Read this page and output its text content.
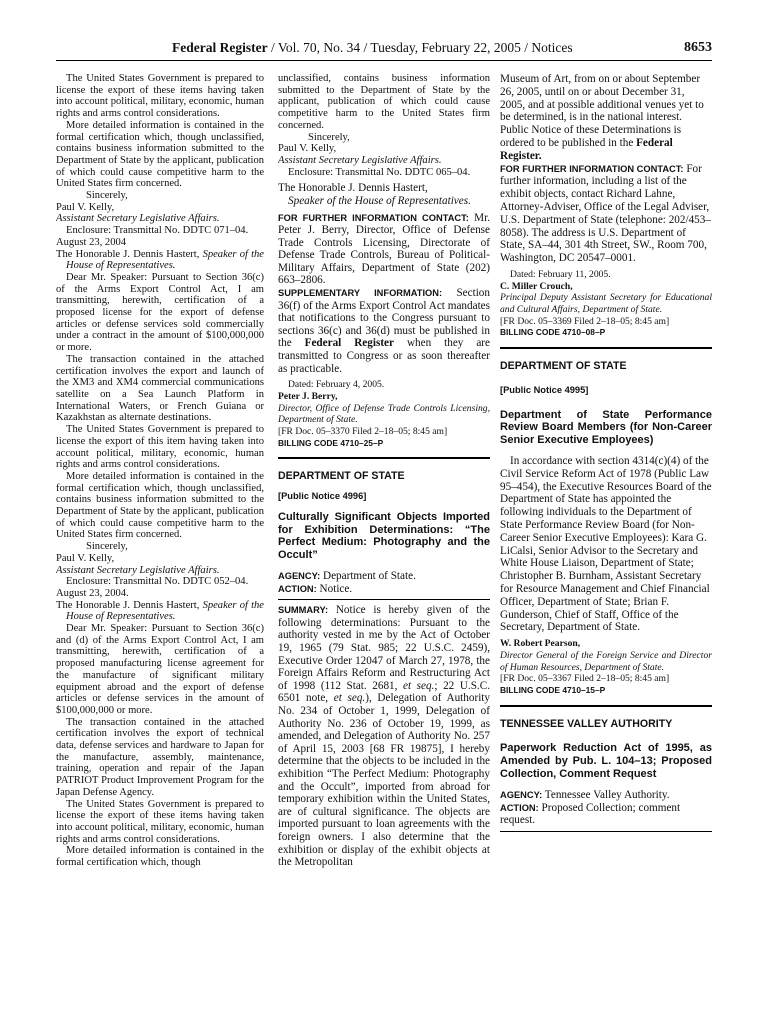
Federal Register / Vol. 70, No. 34 / Tuesday, February 22, 2005 / Notices	8653

The United States Government is prepared to license the export of these items having taken into account political, military, economic, human rights and arms control considerations.

More detailed information is contained in the formal certification which, though unclassified, contains business information submitted to the Department of State by the applicant, publication of which could cause competitive harm to the United States firm concerned.

Sincerely,

Paul V. Kelly,

Assistant Secretary Legislative Affairs.

Enclosure: Transmittal No. DDTC 071–04.

August 23, 2004

The Honorable J. Dennis Hastert, Speaker of the House of Representatives.

Dear Mr. Speaker: Pursuant to Section 36(c) of the Arms Export Control Act, I am transmitting, herewith, certification of a proposed license for the export of defense articles or defense services sold commercially under a contract in the amount of $100,000,000 or more.

The transaction contained in the attached certification involves the export and launch of the XM3 and XM4 commercial communications satellite on a Sea Launch Platform in International Waters, or French Guiana or Kazakhstan as alternate destinations.

The United States Government is prepared to license the export of this item having taken into account political, military, economic, human rights and arms control considerations.

More detailed information is contained in the formal certification which, though unclassified, contains business information submitted to the Department of State by the applicant, publication of which could cause competitive harm to the United States firm concerned.

Sincerely,

Paul V. Kelly,

Assistant Secretary Legislative Affairs.

Enclosure: Transmittal No. DDTC 052–04.

August 23, 2004.

The Honorable J. Dennis Hastert, Speaker of the House of Representatives.

Dear Mr. Speaker: Pursuant to Section 36(c) and (d) of the Arms Export Control Act, I am transmitting, herewith, certification of a proposed manufacturing license agreement for the manufacture of significant military equipment abroad and the export of defense articles or defense services in the amount of $100,000,000 or more.

The transaction contained in the attached certification involves the export of technical data, defense services and hardware to Japan for the manufacture, assembly, maintenance, training, operation and repair of the Japan PATRIOT Product Improvement Program for the Japan Defense Agency.

The United States Government is prepared to license the export of these items having taken into account political, military, economic, human rights and arms control considerations.

More detailed information is contained in the formal certification which, though

unclassified, contains business information submitted to the Department of State by the applicant, publication of which could cause competitive harm to the United States firm concerned.

Sincerely,

Paul V. Kelly,

Assistant Secretary Legislative Affairs.

Enclosure: Transmittal No. DDTC 065–04.

The Honorable J. Dennis Hastert,

Speaker of the House of Representatives.

FOR FURTHER INFORMATION CONTACT: Mr. Peter J. Berry, Director, Office of Defense Trade Controls Licensing, Directorate of Defense Trade Controls, Bureau of Political-Military Affairs, Department of State (202) 663–2806.

SUPPLEMENTARY INFORMATION: Section 36(f) of the Arms Export Control Act mandates that notifications to the Congress pursuant to sections 36(c) and 36(d) must be published in the Federal Register when they are transmitted to Congress or as soon thereafter as practicable.

Dated: February 4, 2005.

Peter J. Berry,

Director, Office of Defense Trade Controls Licensing, Department of State.

[FR Doc. 05–3370 Filed 2–18–05; 8:45 am]

BILLING CODE 4710–25–P

DEPARTMENT OF STATE

[Public Notice 4996]

Culturally Significant Objects Imported for Exhibition Determinations: “The Perfect Medium: Photography and the Occult”

AGENCY: Department of State.

ACTION: Notice.

SUMMARY: Notice is hereby given of the following determinations: Pursuant to the authority vested in me by the Act of October 19, 1965 (79 Stat. 985; 22 U.S.C. 2459), Executive Order 12047 of March 27, 1978, the Foreign Affairs Reform and Restructuring Act of 1998 (112 Stat. 2681, et seq.; 22 U.S.C. 6501 note, et seq.), Delegation of Authority No. 234 of October 1, 1999, Delegation of Authority No. 236 of October 19, 1999, as amended, and Delegation of Authority No. 257 of April 15, 2003 [68 FR 19875], I hereby determine that the objects to be included in the exhibition “The Perfect Medium: Photography and the Occult”, imported from abroad for temporary exhibition within the United States, are of cultural significance. The objects are imported pursuant to loan agreements with the foreign owners. I also determine that the exhibition or display of the exhibit objects at the Metropolitan

Museum of Art, from on or about September 26, 2005, until on or about December 31, 2005, and at possible additional venues yet to be determined, is in the national interest. Public Notice of these Determinations is ordered to be published in the Federal Register.

FOR FURTHER INFORMATION CONTACT: For further information, including a list of the exhibit objects, contact Richard Lahne, Attorney-Adviser, Office of the Legal Adviser, U.S. Department of State (telephone: 202/453–8058). The address is U.S. Department of State, SA–44, 301 4th Street, SW., Room 700, Washington, DC 20547–0001.

Dated: February 11, 2005.

C. Miller Crouch,

Principal Deputy Assistant Secretary for Educational and Cultural Affairs, Department of State.

[FR Doc. 05–3369 Filed 2–18–05; 8:45 am]

BILLING CODE 4710–08–P

DEPARTMENT OF STATE

[Public Notice 4995]

Department of State Performance Review Board Members (for Non-Career Senior Executive Employees)

In accordance with section 4314(c)(4) of the Civil Service Reform Act of 1978 (Public Law 95–454), the Executive Resources Board of the Department of State has appointed the following individuals to the Department of State Performance Review Board (for Non-Career Senior Executive Employees): Kara G. LiCalsi, Senior Advisor to the Secretary and White House Liaison, Department of State; Christopher B. Burnham, Assistant Secretary for Resource Management and Chief Financial Officer, Department of State; Brian F. Gunderson, Chief of Staff, Office of the Secretary, Department of State.

W. Robert Pearson,

Director General of the Foreign Service and Director of Human Resources, Department of State.

[FR Doc. 05–3367 Filed 2–18–05; 8:45 am]

BILLING CODE 4710–15–P

TENNESSEE VALLEY AUTHORITY

Paperwork Reduction Act of 1995, as Amended by Pub. L. 104–13; Proposed Collection, Comment Request

AGENCY: Tennessee Valley Authority.

ACTION: Proposed Collection; comment request.
